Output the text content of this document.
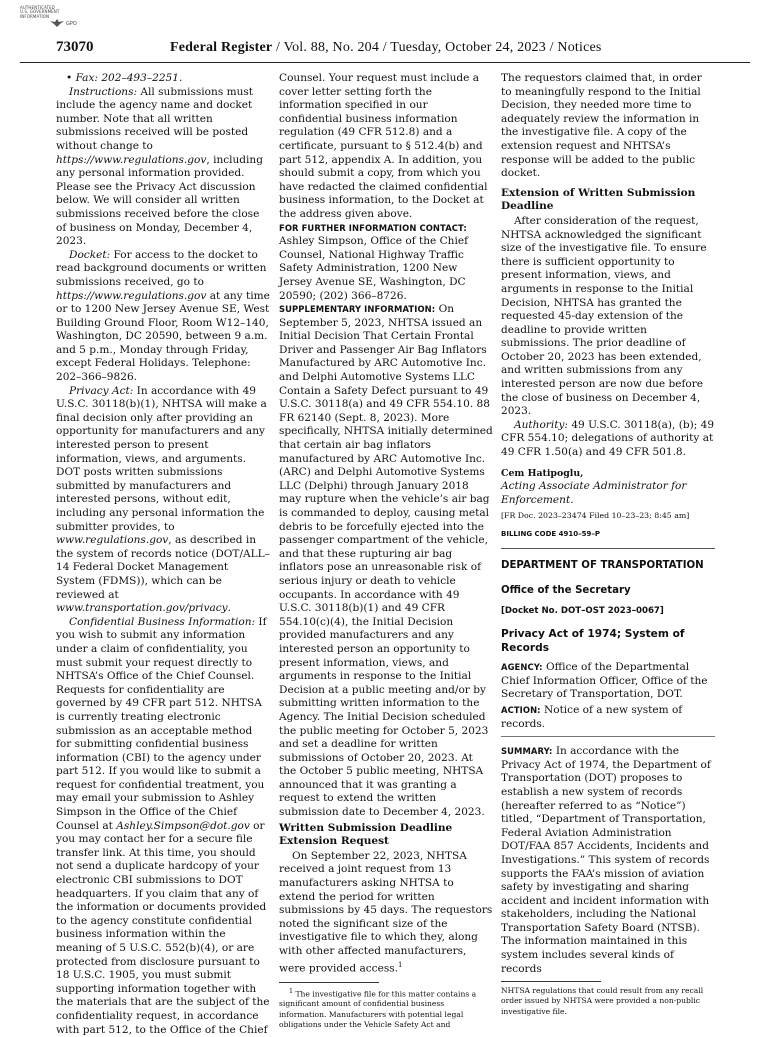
AUTHENTICATED
U.S. GOVERNMENT
INFORMATION
GPO
73070	Federal Register / Vol. 88, No. 204 / Tuesday, October 24, 2023 / Notices

• Fax: 202–493–2251.

Instructions: All submissions must include the agency name and docket number. Note that all written submissions received will be posted without change to https://www.regulations.gov, including any personal information provided. Please see the Privacy Act discussion below. We will consider all written submissions received before the close of business on Monday, December 4, 2023.

Docket: For access to the docket to read background documents or written submissions received, go to https://www.regulations.gov at any time or to 1200 New Jersey Avenue SE, West Building Ground Floor, Room W12–140, Washington, DC 20590, between 9 a.m. and 5 p.m., Monday through Friday, except Federal Holidays. Telephone: 202–366–9826.

Privacy Act: In accordance with 49 U.S.C. 30118(b)(1), NHTSA will make a final decision only after providing an opportunity for manufacturers and any interested person to present information, views, and arguments. DOT posts written submissions submitted by manufacturers and interested persons, without edit, including any personal information the submitter provides, to www.regulations.gov, as described in the system of records notice (DOT/ALL–14 Federal Docket Management System (FDMS)), which can be reviewed at www.transportation.gov/privacy.

Confidential Business Information: If you wish to submit any information under a claim of confidentiality, you must submit your request directly to NHTSA’s Office of the Chief Counsel. Requests for confidentiality are governed by 49 CFR part 512. NHTSA is currently treating electronic submission as an acceptable method for submitting confidential business information (CBI) to the agency under part 512. If you would like to submit a request for confidential treatment, you may email your submission to Ashley Simpson in the Office of the Chief Counsel at Ashley.Simpson@dot.gov or you may contact her for a secure file transfer link. At this time, you should not send a duplicate hardcopy of your electronic CBI submissions to DOT headquarters. If you claim that any of the information or documents provided to the agency constitute confidential business information within the meaning of 5 U.S.C. 552(b)(4), or are protected from disclosure pursuant to 18 U.S.C. 1905, you must submit supporting information together with the materials that are the subject of the confidentiality request, in accordance with part 512, to the Office of the Chief

Counsel. Your request must include a cover letter setting forth the information specified in our confidential business information regulation (49 CFR 512.8) and a certificate, pursuant to § 512.4(b) and part 512, appendix A. In addition, you should submit a copy, from which you have redacted the claimed confidential business information, to the Docket at the address given above.

FOR FURTHER INFORMATION CONTACT:
Ashley Simpson, Office of the Chief Counsel, National Highway Traffic Safety Administration, 1200 New Jersey Avenue SE, Washington, DC 20590; (202) 366–8726.

SUPPLEMENTARY INFORMATION: On September 5, 2023, NHTSA issued an Initial Decision That Certain Frontal Driver and Passenger Air Bag Inflators Manufactured by ARC Automotive Inc. and Delphi Automotive Systems LLC Contain a Safety Defect pursuant to 49 U.S.C. 30118(a) and 49 CFR 554.10. 88 FR 62140 (Sept. 8, 2023). More specifically, NHTSA initially determined that certain air bag inflators manufactured by ARC Automotive Inc. (ARC) and Delphi Automotive Systems LLC (Delphi) through January 2018 may rupture when the vehicle’s air bag is commanded to deploy, causing metal debris to be forcefully ejected into the passenger compartment of the vehicle, and that these rupturing air bag inflators pose an unreasonable risk of serious injury or death to vehicle occupants. In accordance with 49 U.S.C. 30118(b)(1) and 49 CFR 554.10(c)(4), the Initial Decision provided manufacturers and any interested person an opportunity to present information, views, and arguments in response to the Initial Decision at a public meeting and/or by submitting written information to the Agency. The Initial Decision scheduled the public meeting for October 5, 2023 and set a deadline for written submissions of October 20, 2023. At the October 5 public meeting, NHTSA announced that it was granting a request to extend the written submission date to December 4, 2023.

Written Submission Deadline Extension Request

On September 22, 2023, NHTSA received a joint request from 13 manufacturers asking NHTSA to extend the period for written submissions by 45 days. The requestors noted the significant size of the investigative file to which they, along with other affected manufacturers, were provided access.$^1$

$^1$ The investigative file for this matter contains a significant amount of confidential business information. Manufacturers with potential legal obligations under the Vehicle Safety Act and

The requestors claimed that, in order to meaningfully respond to the Initial Decision, they needed more time to adequately review the information in the investigative file. A copy of the extension request and NHTSA’s response will be added to the public docket.

Extension of Written Submission Deadline

After consideration of the request, NHTSA acknowledged the significant size of the investigative file. To ensure there is sufficient opportunity to present information, views, and arguments in response to the Initial Decision, NHTSA has granted the requested 45-day extension of the deadline to provide written submissions. The prior deadline of October 20, 2023 has been extended, and written submissions from any interested person are now due before the close of business on December 4, 2023.

Authority: 49 U.S.C. 30118(a), (b); 49 CFR 554.10; delegations of authority at 49 CFR 1.50(a) and 49 CFR 501.8.

Cem Hatipoglu,

Acting Associate Administrator for Enforcement.

[FR Doc. 2023–23474 Filed 10–23–23; 8:45 am]

BILLING CODE 4910–59–P

DEPARTMENT OF TRANSPORTATION

Office of the Secretary

[Docket No. DOT–OST 2023–0067]

Privacy Act of 1974; System of Records

AGENCY: Office of the Departmental Chief Information Officer, Office of the Secretary of Transportation, DOT.

ACTION: Notice of a new system of records.

SUMMARY: In accordance with the Privacy Act of 1974, the Department of Transportation (DOT) proposes to establish a new system of records (hereafter referred to as “Notice”) titled, “Department of Transportation, Federal Aviation Administration DOT/FAA 857 Accidents, Incidents and Investigations.” This system of records supports the FAA’s mission of aviation safety by investigating and sharing accident and incident information with stakeholders, including the National Transportation Safety Board (NTSB). The information maintained in this system includes several kinds of records

NHTSA regulations that could result from any recall order issued by NHTSA were provided a non-public investigative file.
